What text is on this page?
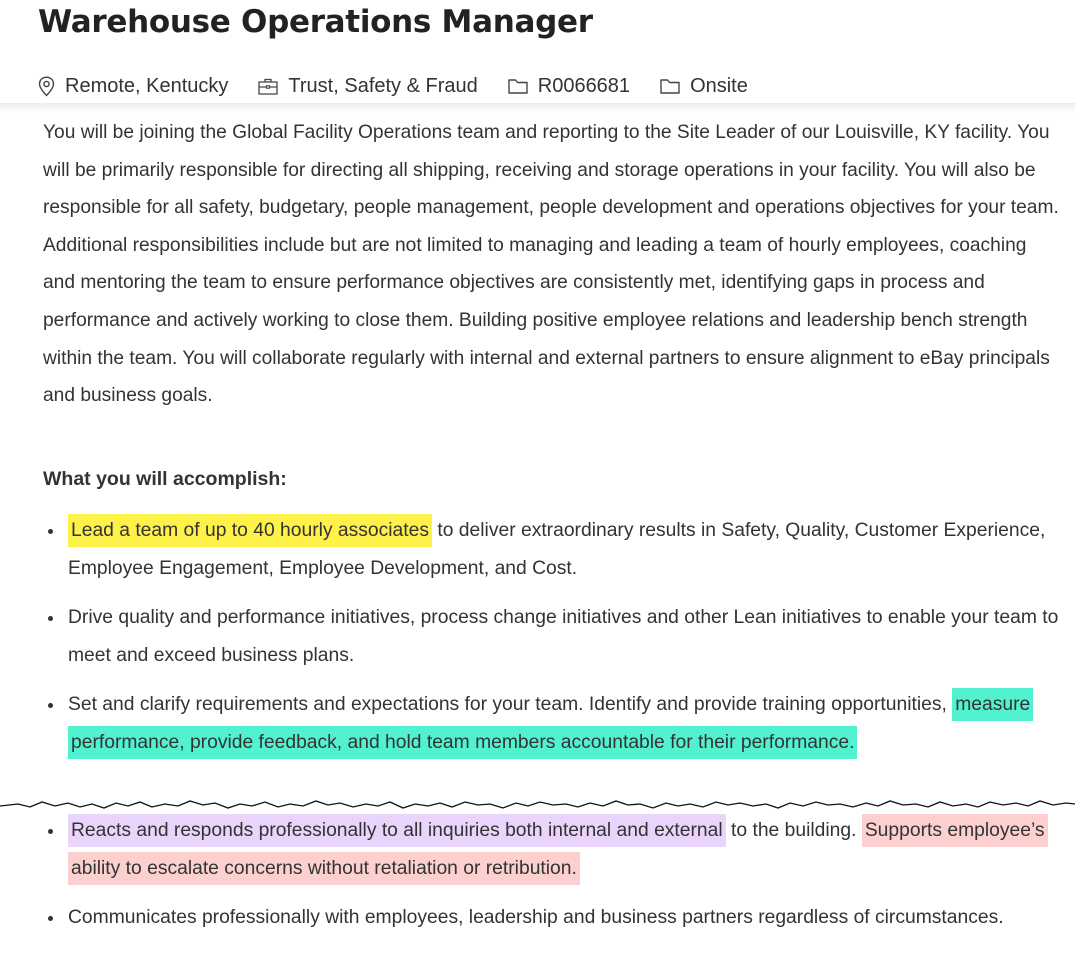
Warehouse Operations Manager
Remote, Kentucky	Trust, Safety & Fraud	R0066681	Onsite

You will be joining the Global Facility Operations team and reporting to the Site Leader of our Louisville, KY facility. You will be primarily responsible for directing all shipping, receiving and storage operations in your facility. You will also be responsible for all safety, budgetary, people management, people development and operations objectives for your team. Additional responsibilities include but are not limited to managing and leading a team of hourly employees, coaching and mentoring the team to ensure performance objectives are consistently met, identifying gaps in process and performance and actively working to close them. Building positive employee relations and leadership bench strength within the team. You will collaborate regularly with internal and external partners to ensure alignment to eBay principals and business goals.

What you will accomplish:

Lead a team of up to 40 hourly associates to deliver extraordinary results in Safety, Quality, Customer Experience, Employee Engagement, Employee Development, and Cost.
Drive quality and performance initiatives, process change initiatives and other Lean initiatives to enable your team to meet and exceed business plans.
Set and clarify requirements and expectations for your team. Identify and provide training opportunities, measure performance, provide feedback, and hold team members accountable for their performance.
Reacts and responds professionally to all inquiries both internal and external to the building. Supports employee’s ability to escalate concerns without retaliation or retribution.
Communicates professionally with employees, leadership and business partners regardless of circumstances.
